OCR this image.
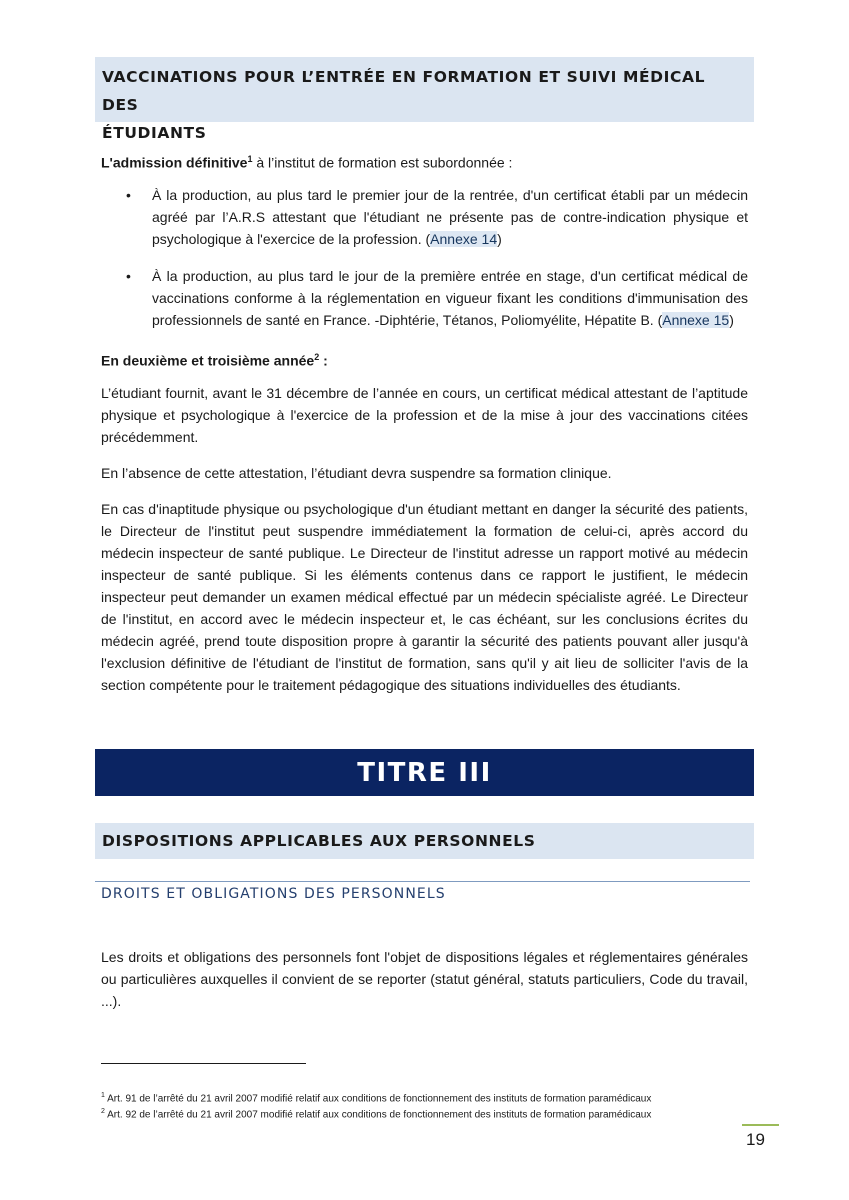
VACCINATIONS POUR L’ENTRÉE EN FORMATION ET SUIVI MÉDICAL DES
ÉTUDIANTS
L'admission définitive$^1$ à l’institut de formation est subordonnée :
• À la production, au plus tard le premier jour de la rentrée, d'un certificat établi par un médecin agréé par l’A.R.S attestant que l'étudiant ne présente pas de contre-indication physique et psychologique à l'exercice de la profession. (Annexe 14)
• À la production, au plus tard le jour de la première entrée en stage, d'un certificat médical de vaccinations conforme à la réglementation en vigueur fixant les conditions d'immunisation des professionnels de santé en France. -Diphtérie, Tétanos, Poliomyélite, Hépatite B. (Annexe 15)
En deuxième et troisième année$^2$ :
L’étudiant fournit, avant le 31 décembre de l’année en cours, un certificat médical attestant de l’aptitude physique et psychologique à l'exercice de la profession et de la mise à jour des vaccinations citées précédemment.
En l’absence de cette attestation, l’étudiant devra suspendre sa formation clinique.
En cas d'inaptitude physique ou psychologique d'un étudiant mettant en danger la sécurité des patients, le Directeur de l'institut peut suspendre immédiatement la formation de celui-ci, après accord du médecin inspecteur de santé publique. Le Directeur de l'institut adresse un rapport motivé au médecin inspecteur de santé publique. Si les éléments contenus dans ce rapport le justifient, le médecin inspecteur peut demander un examen médical effectué par un médecin spécialiste agréé. Le Directeur de l'institut, en accord avec le médecin inspecteur et, le cas échéant, sur les conclusions écrites du médecin agréé, prend toute disposition propre à garantir la sécurité des patients pouvant aller jusqu'à l'exclusion définitive de l'étudiant de l'institut de formation, sans qu'il y ait lieu de solliciter l'avis de la section compétente pour le traitement pédagogique des situations individuelles des étudiants.
TITRE III
DISPOSITIONS APPLICABLES AUX PERSONNELS
DROITS ET OBLIGATIONS DES PERSONNELS
Les droits et obligations des personnels font l'objet de dispositions légales et réglementaires générales ou particulières auxquelles il convient de se reporter (statut général, statuts particuliers, Code du travail, ...).
$^1$ Art. 91 de l’arrêté du 21 avril 2007 modifié relatif aux conditions de fonctionnement des instituts de formation paramédicaux
$^2$ Art. 92 de l’arrêté du 21 avril 2007 modifié relatif aux conditions de fonctionnement des instituts de formation paramédicaux
19
